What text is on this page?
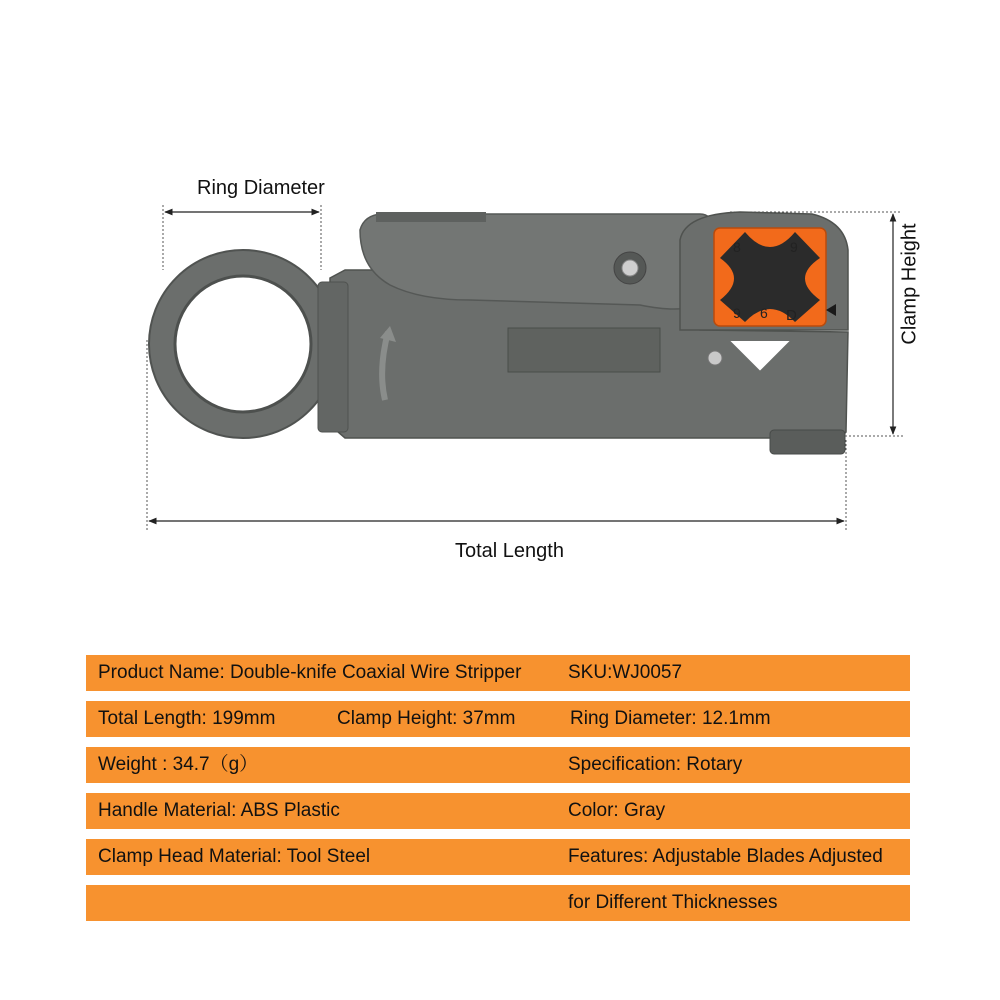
8	9
9 6 D
Ring Diameter
Total Length
Clamp Height
Product Name: Double-knife Coaxial Wire Stripper SKU:WJ0057
Total Length: 199mm	Clamp Height: 37mm	Ring Diameter: 12.1mm
Weight : 34.7（g）	Specification: Rotary
Handle Material: ABS Plastic	Color: Gray
Clamp Head Material: Tool Steel	Features: Adjustable Blades Adjusted
for Different Thicknesses
